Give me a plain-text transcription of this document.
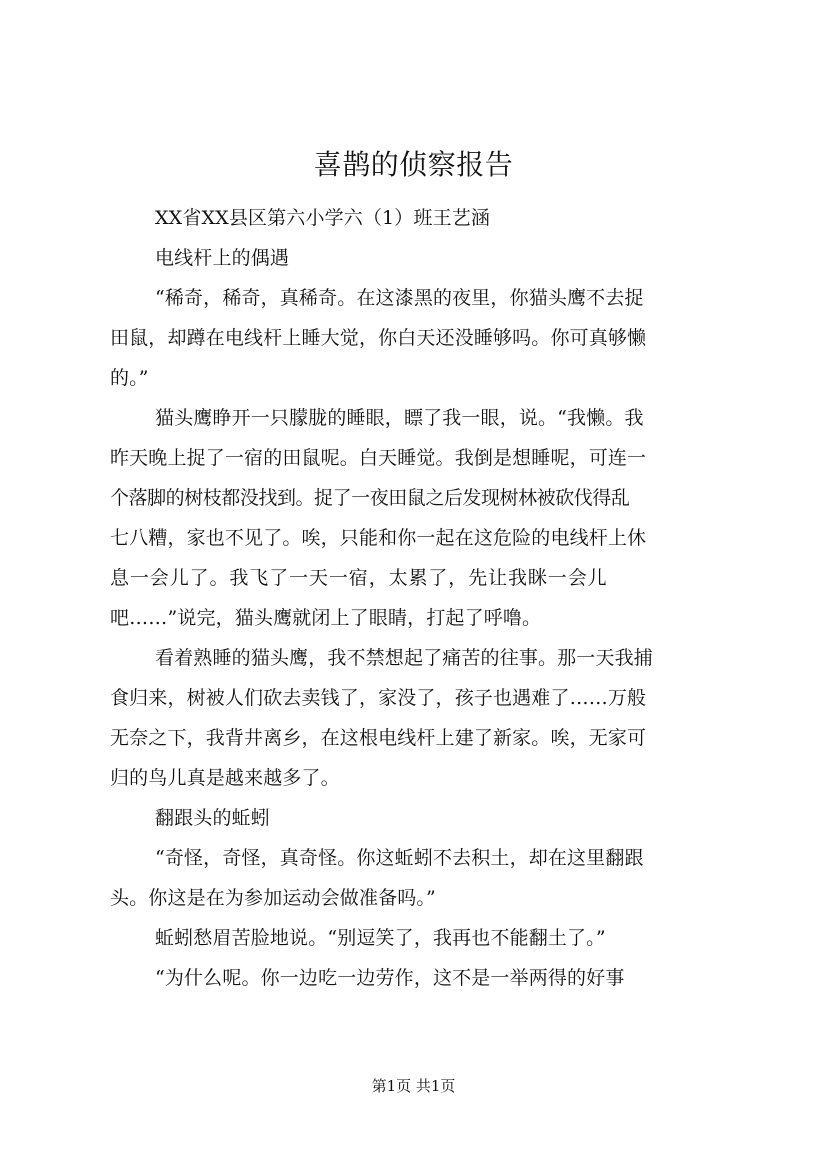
喜鹊的侦察报告
XX省XX县区第六小学六（1）班王艺涵
电线杆上的偶遇
“稀奇，稀奇，真稀奇。在这漆黑的夜里，你猫头鹰不去捉
田鼠，却蹲在电线杆上睡大觉，你白天还没睡够吗。你可真够懒
的。”
猫头鹰睁开一只朦胧的睡眼，瞟了我一眼，说。“我懒。我
昨天晚上捉了一宿的田鼠呢。白天睡觉。我倒是想睡呢，可连一
个落脚的树枝都没找到。捉了一夜田鼠之后发现树林被砍伐得乱
七八糟，家也不见了。唉，只能和你一起在这危险的电线杆上休
息一会儿了。我飞了一天一宿，太累了，先让我眯一会儿
吧……”说完，猫头鹰就闭上了眼睛，打起了呼噜。
看着熟睡的猫头鹰，我不禁想起了痛苦的往事。那一天我捕
食归来，树被人们砍去卖钱了，家没了，孩子也遇难了……万般
无奈之下，我背井离乡，在这根电线杆上建了新家。唉，无家可
归的鸟儿真是越来越多了。
翻跟头的蚯蚓
“奇怪，奇怪，真奇怪。你这蚯蚓不去积土，却在这里翻跟
头。你这是在为参加运动会做准备吗。”
蚯蚓愁眉苦脸地说。“别逗笑了，我再也不能翻土了。”
“为什么呢。你一边吃一边劳作，这不是一举两得的好事
第1页 共1页
